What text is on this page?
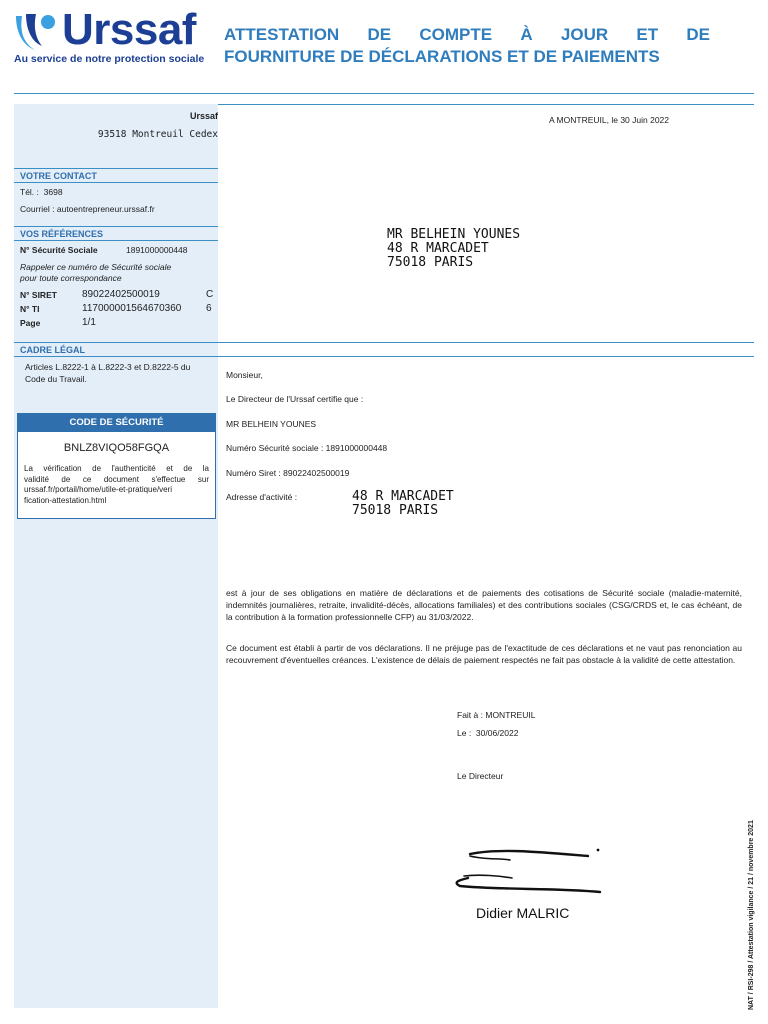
Urssaf
Au service de notre protection sociale
ATTESTATION DE COMPTE À JOUR ET DE
FOURNITURE DE DÉCLARATIONS ET DE PAIEMENTS
Urssaf
93518 Montreuil Cedex
VOTRE CONTACT
Tél. : 3698
Courriel : autoentrepreneur.urssaf.fr
VOS RÉFÉRENCES
N° Sécurité Sociale	1891000000448
Rappeler ce numéro de Sécurité sociale
pour toute correspondance
N° SIRET	89022402500019	C
N° TI	117000001564670360 6
Page	1/1
CADRE LÉGAL
Articles L.8222-1 à L.8222-3 et D.8222-5 du
Code du Travail.
CODE DE SÉCURITÉ
BNLZ8VIQO58FGQA
La vérification de l'authenticité et de la
validité de ce document s'effectue sur
urssaf.fr/portail/home/utile-et-pratique/veri
fication-attestation.html
A MONTREUIL, le 30 Juin 2022
MR BELHEIN YOUNES
48 R MARCADET
75018 PARIS
Monsieur,
Le Directeur de l'Urssaf certifie que :
MR BELHEIN YOUNES
Numéro Sécurité sociale : 1891000000448
Numéro Siret : 89022402500019
Adresse d'activité :	48 R MARCADET
75018 PARIS
est à jour de ses obligations en matière de déclarations et de paiements des cotisations de Sécurité sociale (maladie-maternité, indemnités journalières, retraite, invalidité-décès, allocations familiales) et des contributions sociales (CSG/CRDS et, le cas échéant, de la contribution à la formation professionnelle CFP) au 31/03/2022.
Ce document est établi à partir de vos déclarations. Il ne préjuge pas de l'exactitude de ces déclarations et ne vaut pas renonciation au recouvrement d'éventuelles créances. L'existence de délais de paiement respectés ne fait pas obstacle à la validité de cette attestation.
Fait à : MONTREUIL
Le : 30/06/2022
Le Directeur
Didier MALRIC	NAT / RSI-298 / Attestation vigilance / 21 / novembre 2021
